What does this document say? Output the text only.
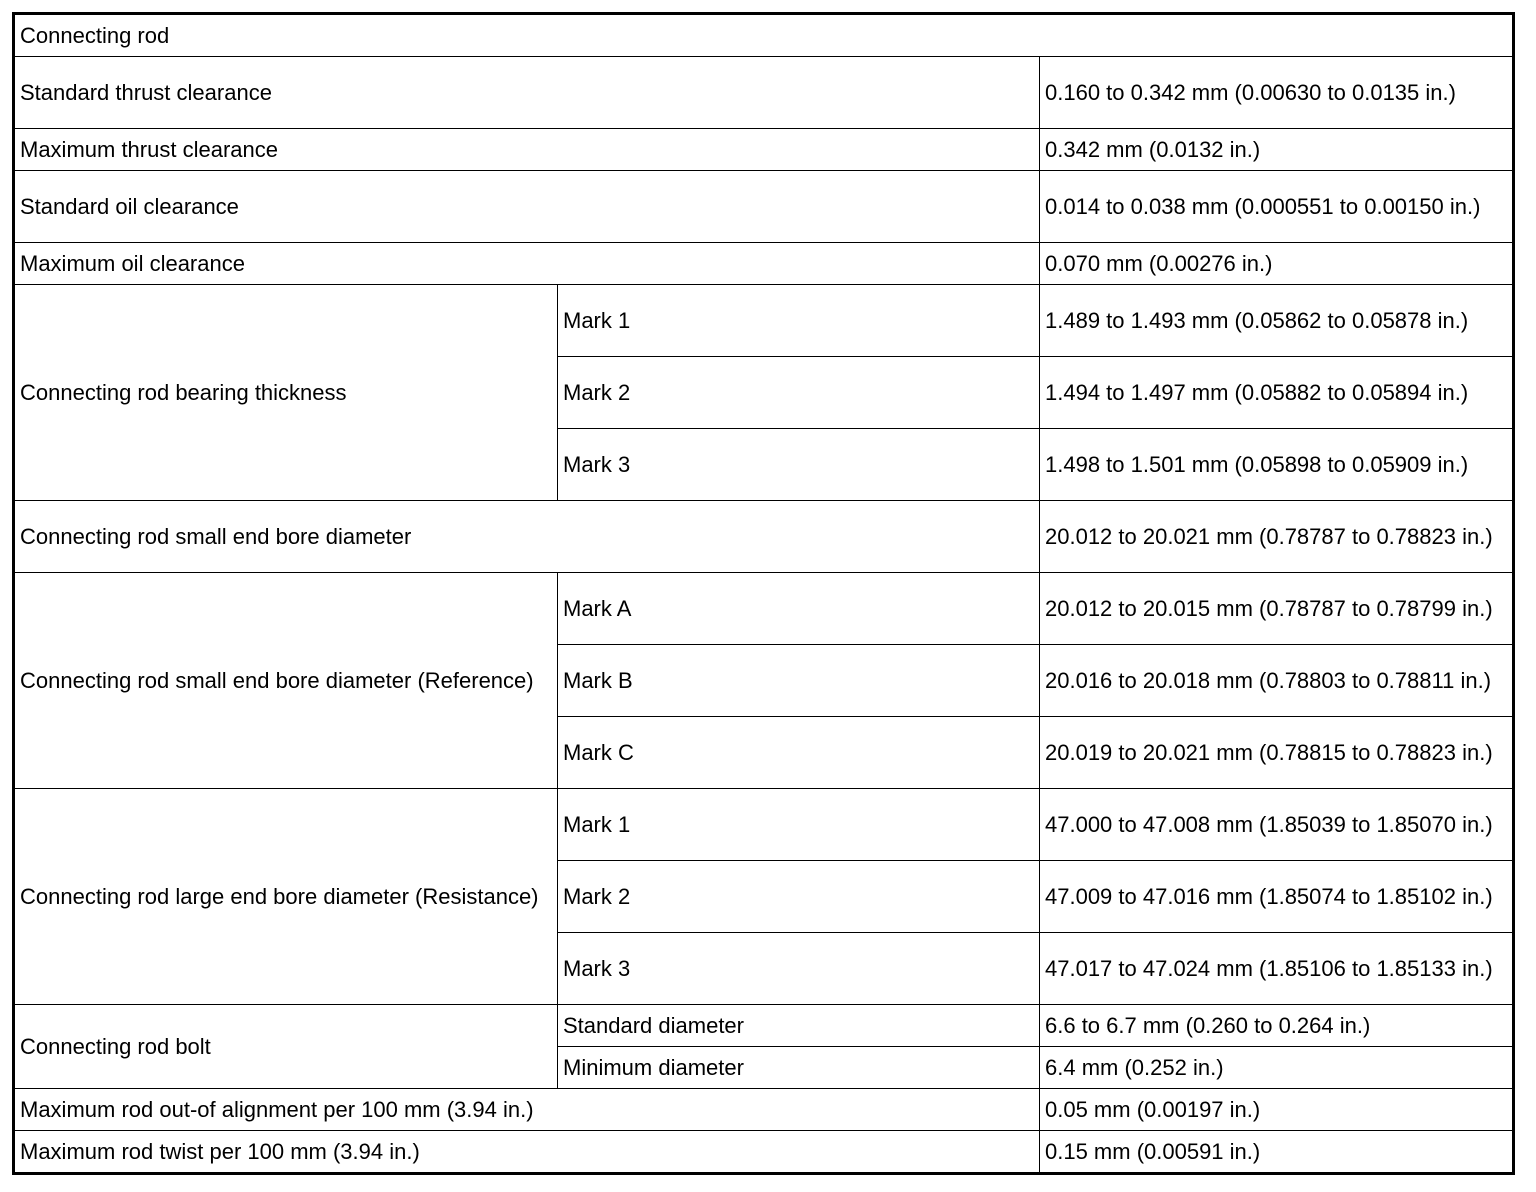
Connecting rod		
Standard thrust clearance		0.160 to 0.342 mm (0.00630 to 0.0135 in.)
Maximum thrust clearance		0.342 mm (0.0132 in.)
Standard oil clearance		0.014 to 0.038 mm (0.000551 to 0.00150 in.)
Maximum oil clearance		0.070 mm (0.00276 in.)
Connecting rod bearing thickness	Mark 1	1.489 to 1.493 mm (0.05862 to 0.05878 in.)
	Mark 2	1.494 to 1.497 mm (0.05882 to 0.05894 in.)
	Mark 3	1.498 to 1.501 mm (0.05898 to 0.05909 in.)
Connecting rod small end bore diameter		20.012 to 20.021 mm (0.78787 to 0.78823 in.)
Connecting rod small end bore diameter (Reference)	Mark A	20.012 to 20.015 mm (0.78787 to 0.78799 in.)
	Mark B	20.016 to 20.018 mm (0.78803 to 0.78811 in.)
	Mark C	20.019 to 20.021 mm (0.78815 to 0.78823 in.)
Connecting rod large end bore diameter (Resistance)	Mark 1	47.000 to 47.008 mm (1.85039 to 1.85070 in.)
	Mark 2	47.009 to 47.016 mm (1.85074 to 1.85102 in.)
	Mark 3	47.017 to 47.024 mm (1.85106 to 1.85133 in.)
Connecting rod bolt	Standard diameter	6.6 to 6.7 mm (0.260 to 0.264 in.)
	Minimum diameter	6.4 mm (0.252 in.)
Maximum rod out-of alignment per 100 mm (3.94 in.)		0.05 mm (0.00197 in.)
Maximum rod twist per 100 mm (3.94 in.)		0.15 mm (0.00591 in.)
